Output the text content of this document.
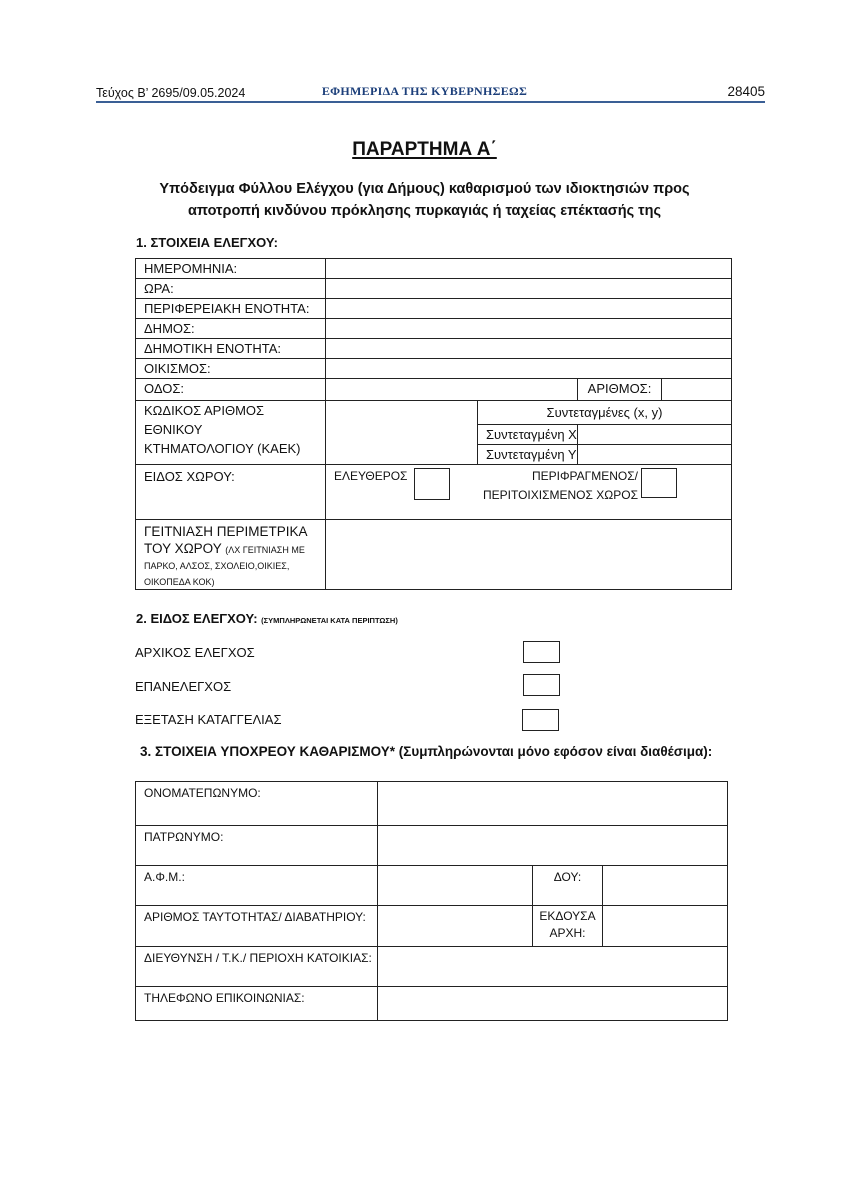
Τεύχος Β’ 2695/09.05.2024	ΕΦΗΜΕΡΙΔΑ ΤΗΣ ΚΥΒΕΡΝΗΣΕΩΣ	28405
ΠΑΡΑΡΤΗΜΑ Α΄
Υπόδειγμα Φύλλου Ελέγχου (για Δήμους) καθαρισμού των ιδιοκτησιών προς
αποτροπή κινδύνου πρόκλησης πυρκαγιάς ή ταχείας επέκτασής της
1. ΣΤΟΙΧΕΙΑ ΕΛΕΓΧΟΥ:
ΗΜΕΡΟΜΗΝΙΑ:				
ΩΡΑ:				
ΠΕΡΙΦΕΡΕΙΑΚΗ ΕΝΟΤΗΤΑ:				
ΔΗΜΟΣ:				
ΔΗΜΟΤΙΚΗ ΕΝΟΤΗΤΑ:				
ΟΙΚΙΣΜΟΣ:				
ΟΔΟΣ:			ΑΡΙΘΜΟΣ:	

ΚΩΔΙΚΟΣ ΑΡΙΘΜΟΣ
ΕΘΝΙΚΟΥ
ΚΤΗΜΑΤΟΛΟΓΙΟΥ (ΚΑΕΚ)		Συντεταγμένες (x, y)		
		Συντεταγμένη Χ		
		Συντεταγμένη Υ		
ΕΙΔΟΣ ΧΩΡΟΥ:	ΕΛΕΥΘΕΡΟΣ ΠΕΡΙΦΡΑΓΜΕΝΟΣ/
ΠΕΡΙΤΟΙΧΙΣΜΕΝΟΣ ΧΩΡΟΣ			

ΓΕΙΤΝΙΑΣΗ ΠΕΡΙΜΕΤΡΙΚΑ
ΤΟΥ ΧΩΡΟΥ (ΛΧ ΓΕΙΤΝΙΑΣΗ ΜΕ ΠΑΡΚΟ, ΑΛΣΟΣ, ΣΧΟΛΕΙΟ,ΟΙΚΙΕΣ, ΟΙΚΟΠΕΔΑ ΚΟΚ)				

2. ΕΙΔΟΣ ΕΛΕΓΧΟΥ: (ΣΥΜΠΛΗΡΩΝΕΤΑΙ ΚΑΤΑ ΠΕΡΙΠΤΩΣΗ)
ΑΡΧΙΚΟΣ ΕΛΕΓΧΟΣ
ΕΠΑΝΕΛΕΓΧΟΣ
ΕΞΕΤΑΣΗ ΚΑΤΑΓΓΕΛΙΑΣ
3. ΣΤΟΙΧΕΙΑ ΥΠΟΧΡΕΟΥ ΚΑΘΑΡΙΣΜΟΥ* (Συμπληρώνονται μόνο εφόσον είναι διαθέσιμα):
ΟΝΟΜΑΤΕΠΩΝΥΜΟ:			
ΠΑΤΡΩΝΥΜΟ:			
Α.Φ.Μ.:		ΔΟΥ:	
ΑΡΙΘΜΟΣ ΤΑΥΤΟΤΗΤΑΣ/ ΔΙΑΒΑΤΗΡΙΟΥ:		ΕΚΔΟΥΣΑ
ΑΡΧΗ:	

ΔΙΕΥΘΥΝΣΗ / Τ.Κ./ ΠΕΡΙΟΧΗ ΚΑΤΟΙΚΙΑΣ:			
ΤΗΛΕΦΩΝΟ ΕΠΙΚΟΙΝΩΝΙΑΣ:			
